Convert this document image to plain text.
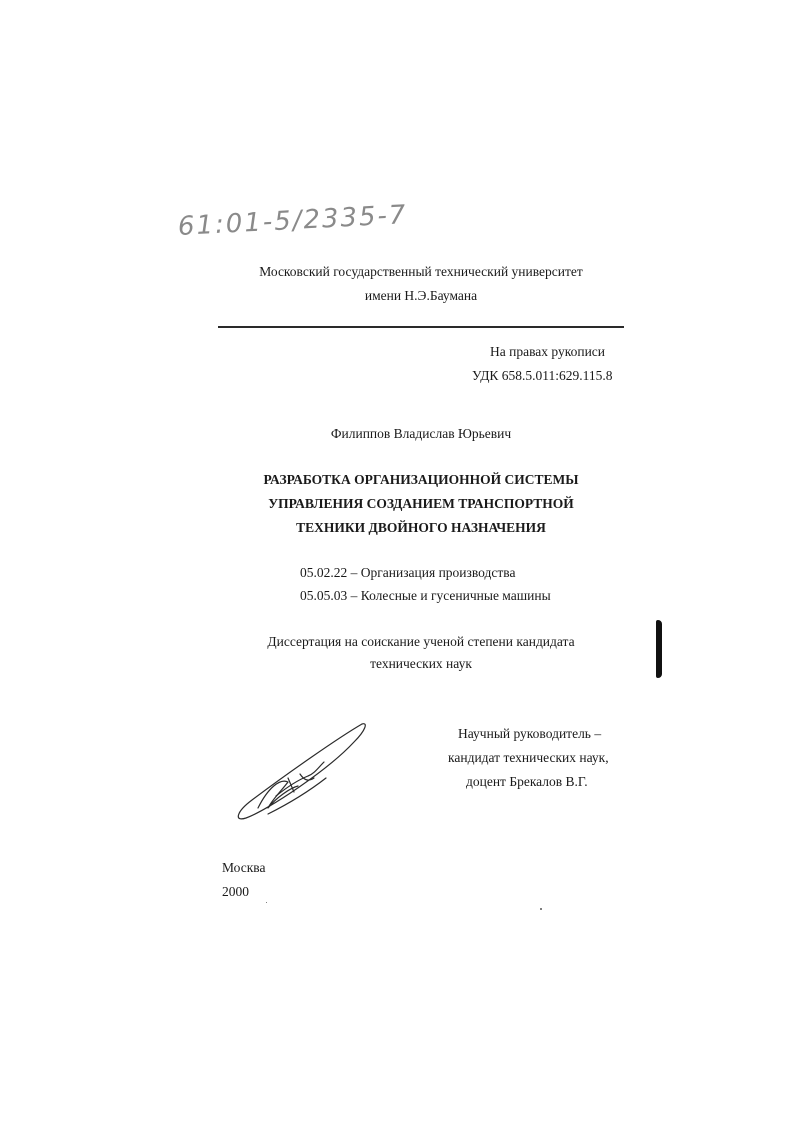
61:01-5/2335-7
Московский государственный технический университет
имени Н.Э.Баумана
На правах рукописи
УДК 658.5.011:629.115.8
Филиппов Владислав Юрьевич
РАЗРАБОТКА ОРГАНИЗАЦИОННОЙ СИСТЕМЫ
УПРАВЛЕНИЯ СОЗДАНИЕМ ТРАНСПОРТНОЙ
ТЕХНИКИ ДВОЙНОГО НАЗНАЧЕНИЯ
05.02.22 – Организация производства
05.05.03 – Колесные и гусеничные машины
Диссертация на соискание ученой степени кандидата
технических наук
Научный руководитель –
кандидат технических наук,
доцент Брекалов В.Г.
Москва
2000
